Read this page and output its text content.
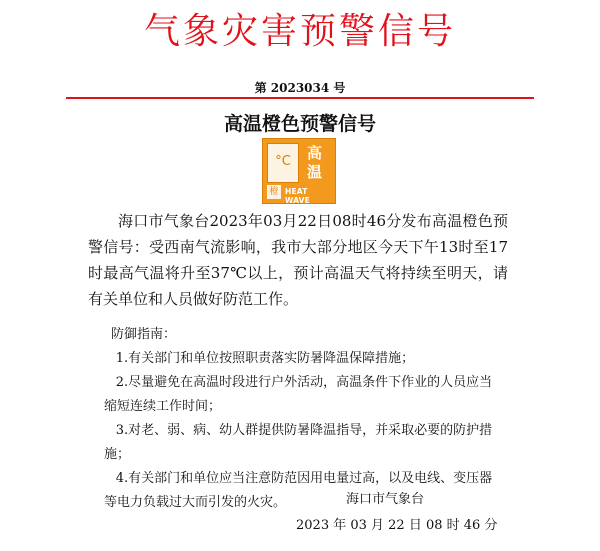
气象灾害预警信号
第 2023034 号
高温橙色预警信号
°C 高
温
橙 HEAT WAVE

海口市气象台2023年03月22日08时46分发布高温橙色预警信号：受西南气流影响，我市大部分地区今天下午13时至17时最高气温将升至37℃以上，预计高温天气将持续至明天，请有关单位和人员做好防范工作。

防御指南：

1.有关部门和单位按照职责落实防暑降温保障措施；

2.尽量避免在高温时段进行户外活动，高温条件下作业的人员应当缩短连续工作时间；

3.对老、弱、病、幼人群提供防暑降温指导，并采取必要的防护措施；

4.有关部门和单位应当注意防范因用电量过高，以及电线、变压器等电力负载过大而引发的火灾。	海口市气象台
2023 年 03 月 22 日 08 时 46 分
